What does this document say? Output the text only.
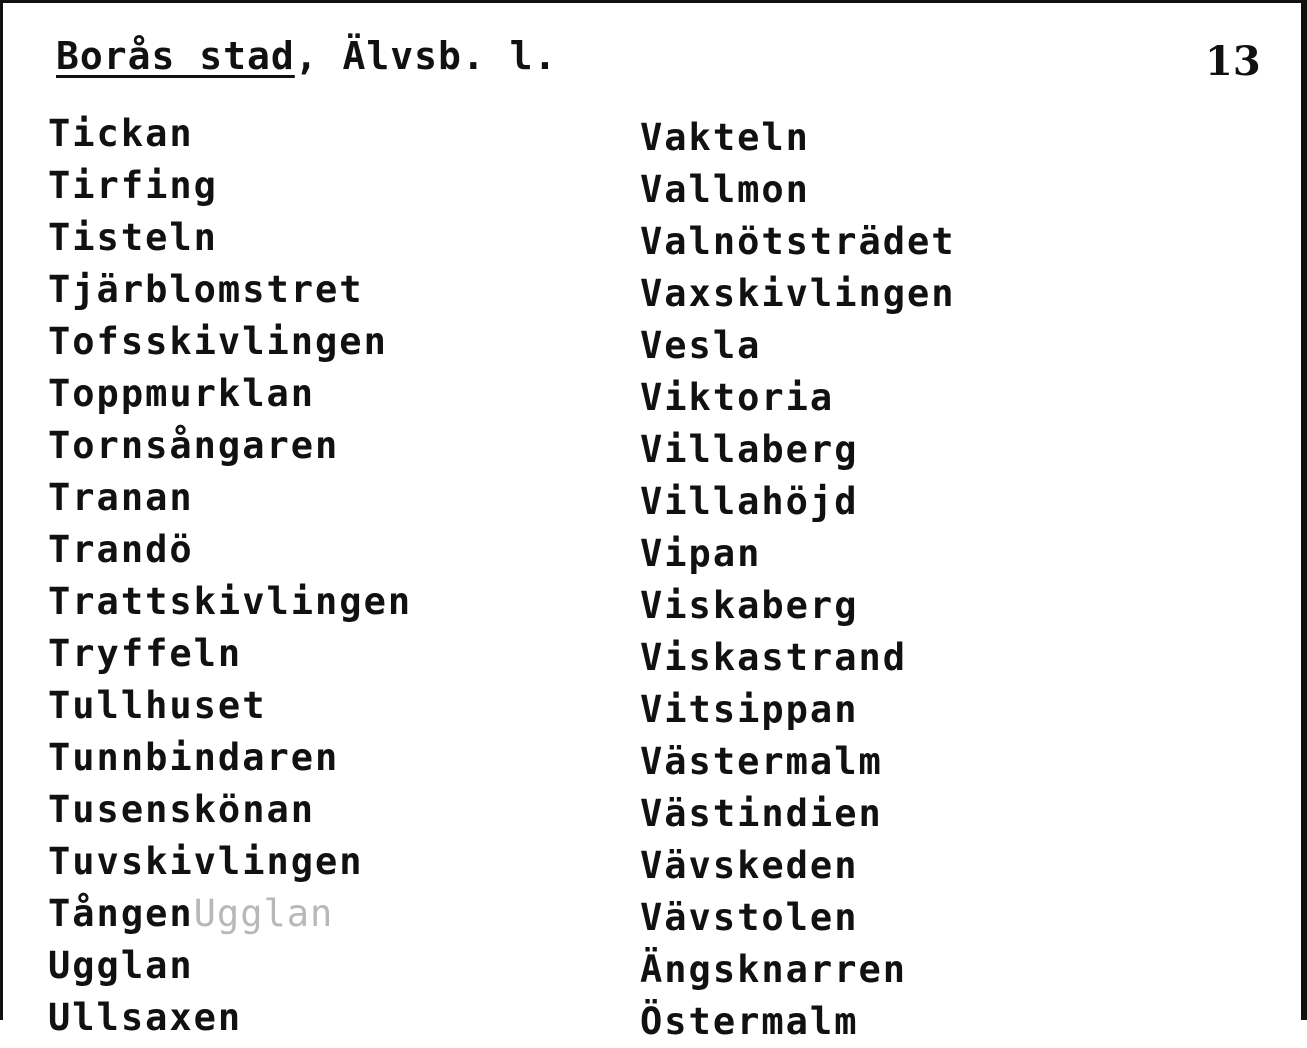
Borås stad, Älvsb. l.	13
Tickan
Tirfing
Tisteln
Tjärblomstret
Tofsskivlingen
Toppmurklan
Tornsångaren
Tranan
Trandö
Trattskivlingen
Tryffeln
Tullhuset
Tunnbindaren
Tusenskönan
Tuvskivlingen
TångenUgglan
Ugglan
Ullsaxen
Vakteln
Vallmon
Valnötsträdet
Vaxskivlingen
Vesla
Viktoria
Villaberg
Villahöjd
Vipan
Viskaberg
Viskastrand
Vitsippan
Västermalm
Västindien
Vävskeden
Vävstolen
Ängsknarren
Östermalm
